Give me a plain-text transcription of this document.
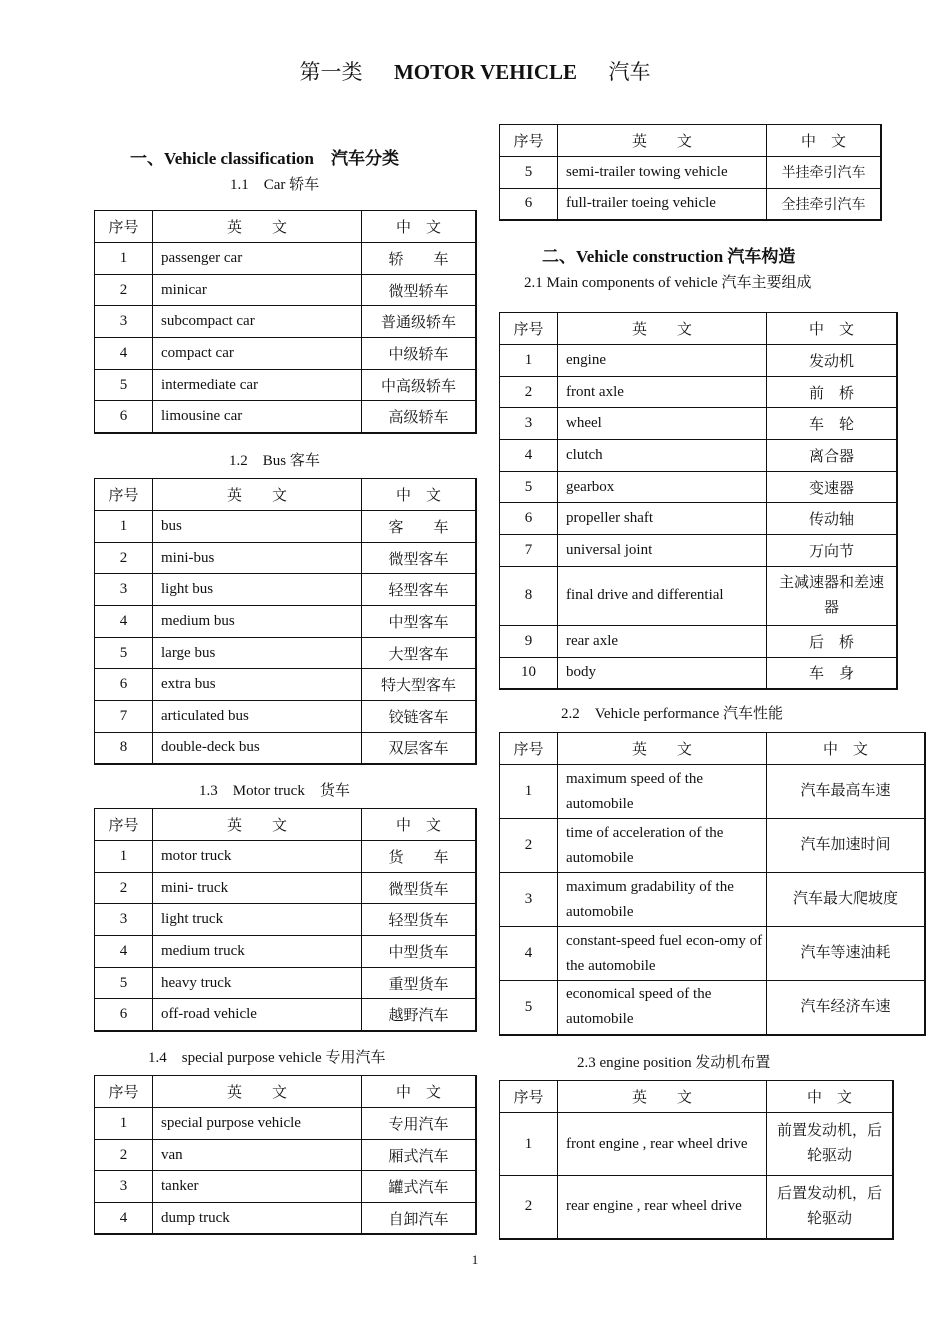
第一类 MOTOR VEHICLE 汽车
一、Vehicle classification　汽车分类
1.1　Car 轿车
序号	英　　文	中　文
1	passenger car	轿　　车
2	minicar	微型轿车
3	subcompact car	普通级轿车
4	compact car	中级轿车
5	intermediate car	中高级轿车
6	limousine car	高级轿车
1.2　Bus 客车
序号	英　　文	中　文
1	bus	客　　车
2	mini-bus	微型客车
3	light bus	轻型客车
4	medium bus	中型客车
5	large bus	大型客车
6	extra bus	特大型客车
7	articulated bus	铰链客车
8	double-deck bus	双层客车
1.3　Motor truck　货车
序号	英　　文	中　文
1	motor truck	货　　车
2	mini- truck	微型货车
3	light truck	轻型货车
4	medium truck	中型货车
5	heavy truck	重型货车
6	off-road vehicle	越野汽车
1.4　special purpose vehicle 专用汽车
序号	英　　文	中　文
1	special purpose vehicle	专用汽车
2	van	厢式汽车
3	tanker	罐式汽车
4	dump truck	自卸汽车
序号	英　　文	中　文
5	semi-trailer towing vehicle	半挂牵引汽车
6	full-trailer toeing vehicle	全挂牵引汽车
二、Vehicle construction 汽车构造
2.1 Main components of vehicle 汽车主要组成
序号	英　　文	中　文
1	engine	发动机
2	front axle	前　桥
3	wheel	车　轮
4	clutch	离合器
5	gearbox	变速器
6	propeller shaft	传动轴
7	universal joint	万向节
8	final drive and differential	主减速器和差速器
9	rear axle	后　桥
10	body	车　身
2.2　Vehicle performance 汽车性能
序号	英　　文	中　文
1	maximum speed of the automobile	汽车最高车速
2	time of acceleration of the automobile	汽车加速时间
3	maximum gradability of the automobile	汽车最大爬坡度
4	constant-speed fuel econ-omy of the automobile	汽车等速油耗
5	economical speed of the automobile	汽车经济车速
2.3 engine position 发动机布置
序号	英　　文	中　文
1	front engine , rear wheel drive	前置发动机，后轮驱动
2	rear engine , rear wheel drive	后置发动机，后轮驱动
1
